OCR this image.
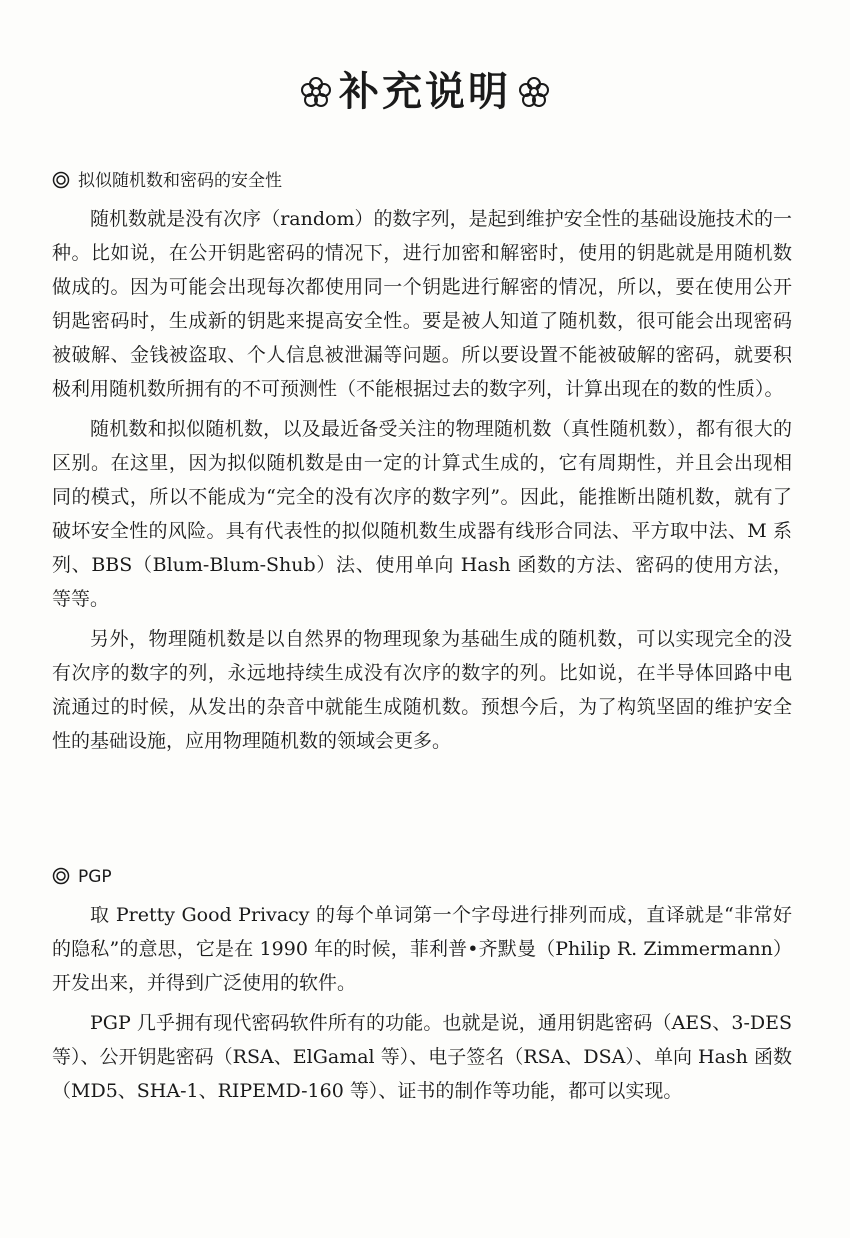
补充说明
拟似随机数和密码的安全性

随机数就是没有次序（random）的数字列，是起到维护安全性的基础设施技术的一种。比如说，在公开钥匙密码的情况下，进行加密和解密时，使用的钥匙就是用随机数做成的。因为可能会出现每次都使用同一个钥匙进行解密的情况，所以，要在使用公开钥匙密码时，生成新的钥匙来提高安全性。要是被人知道了随机数，很可能会出现密码被破解、金钱被盗取、个人信息被泄漏等问题。所以要设置不能被破解的密码，就要积极利用随机数所拥有的不可预测性（不能根据过去的数字列，计算出现在的数的性质）。

随机数和拟似随机数，以及最近备受关注的物理随机数（真性随机数），都有很大的区别。在这里，因为拟似随机数是由一定的计算式生成的，它有周期性，并且会出现相同的模式，所以不能成为“完全的没有次序的数字列”。因此，能推断出随机数，就有了破坏安全性的风险。具有代表性的拟似随机数生成器有线形合同法、平方取中法、M 系列、BBS（Blum-Blum-Shub）法、使用单向 Hash 函数的方法、密码的使用方法，等等。

另外，物理随机数是以自然界的物理现象为基础生成的随机数，可以实现完全的没有次序的数字的列，永远地持续生成没有次序的数字的列。比如说，在半导体回路中电流通过的时候，从发出的杂音中就能生成随机数。预想今后，为了构筑坚固的维护安全性的基础设施，应用物理随机数的领域会更多。

PGP

取 Pretty Good Privacy 的每个单词第一个字母进行排列而成，直译就是“非常好的隐私”的意思，它是在 1990 年的时候，菲利普•齐默曼（Philip R. Zimmermann）开发出来，并得到广泛使用的软件。

PGP 几乎拥有现代密码软件所有的功能。也就是说，通用钥匙密码（AES、3-DES等）、公开钥匙密码（RSA、ElGamal 等）、电子签名（RSA、DSA）、单向 Hash 函数（MD5、SHA-1、RIPEMD-160 等）、证书的制作等功能，都可以实现。
